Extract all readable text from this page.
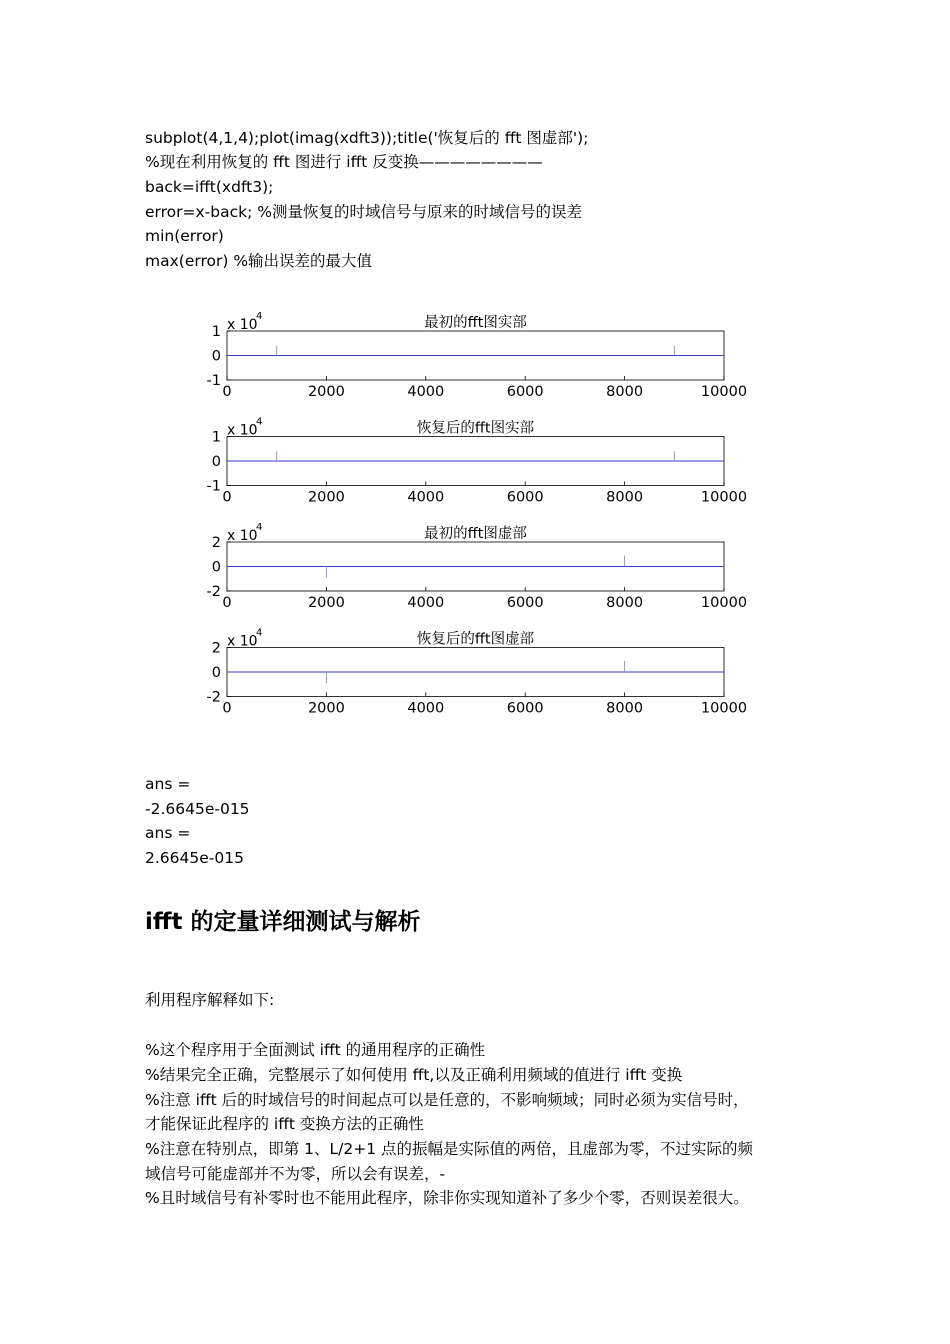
subplot(4,1,4);plot(imag(xdft3));title('恢复后的 fft 图虚部');
%现在利用恢复的 fft 图进行 ifft 反变换————————
back=ifft(xdft3);
error=x-back; %测量恢复的时域信号与原来的时域信号的误差
min(error)
max(error) %输出误差的最大值
最初的fft图实部
x 10
4
1
0
-1
0	2000	4000	6000	8000	10000
恢复后的fft图实部
x 10
4
1
0
-1
0	2000	4000	6000	8000	10000
最初的fft图虚部
x 10
4
2
0
-2
0	2000	4000	6000	8000	10000
恢复后的fft图虚部
x 10
4
2
0
-2
0	2000	4000	6000	8000	10000
ans =
-2.6645e-015
ans =
2.6645e-015
ifft 的定量详细测试与解析
利用程序解释如下:
%这个程序用于全面测试 ifft 的通用程序的正确性
%结果完全正确，完整展示了如何使用 fft,以及正确利用频域的值进行 ifft 变换
%注意 ifft 后的时域信号的时间起点可以是任意的，不影响频域；同时必须为实信号时，
才能保证此程序的 ifft 变换方法的正确性
%注意在特别点，即第 1、L/2+1 点的振幅是实际值的两倍，且虚部为零，不过实际的频
域信号可能虚部并不为零，所以会有误差，-
%且时域信号有补零时也不能用此程序，除非你实现知道补了多少个零，否则误差很大。
